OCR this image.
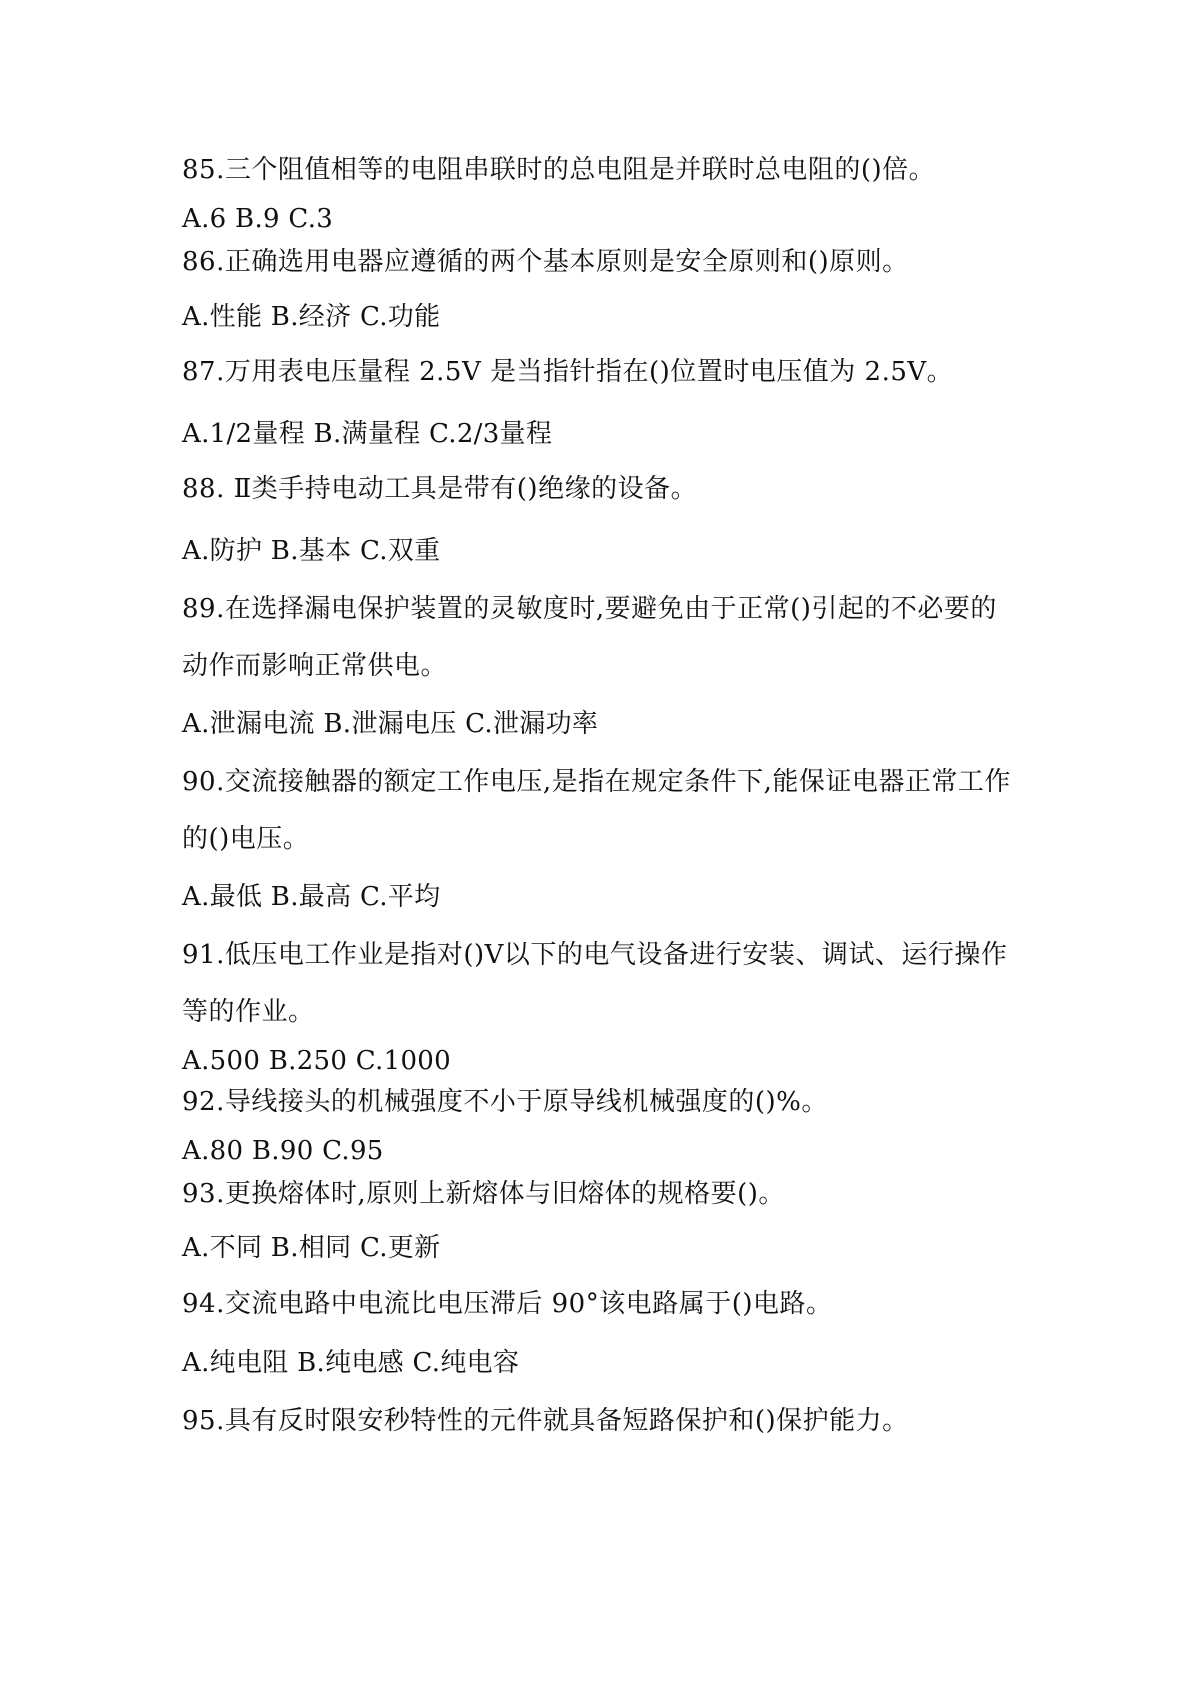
85.三个阻值相等的电阻串联时的总电阻是并联时总电阻的()倍。
A.6 B.9 C.3
86.正确选用电器应遵循的两个基本原则是安全原则和()原则。
A.性能 B.经济 C.功能
87.万用表电压量程 2.5V 是当指针指在()位置时电压值为 2.5V。
A.1/2量程 B.满量程 C.2/3量程
88. Ⅱ类手持电动工具是带有()绝缘的设备。
A.防护 B.基本 C.双重
89.在选择漏电保护装置的灵敏度时,要避免由于正常()引起的不必要的
动作而影响正常供电。
A.泄漏电流 B.泄漏电压 C.泄漏功率
90.交流接触器的额定工作电压,是指在规定条件下,能保证电器正常工作
的()电压。
A.最低 B.最高 C.平均
91.低压电工作业是指对()V以下的电气设备进行安装、调试、运行操作
等的作业。
A.500 B.250 C.1000
92.导线接头的机械强度不小于原导线机械强度的()%。
A.80 B.90 C.95
93.更换熔体时,原则上新熔体与旧熔体的规格要()。
A.不同 B.相同 C.更新
94.交流电路中电流比电压滞后 90°该电路属于()电路。
A.纯电阻 B.纯电感 C.纯电容
95.具有反时限安秒特性的元件就具备短路保护和()保护能力。
